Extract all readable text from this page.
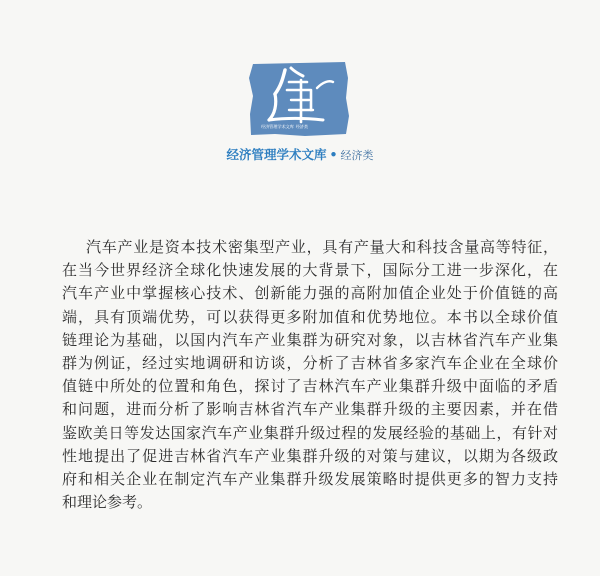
经济管理学术文库 经济类
经济管理学术文库 • 经济类
汽车产业是资本技术密集型产业，具有产量大和科技含量高等特征，
在当今世界经济全球化快速发展的大背景下，国际分工进一步深化，在
汽车产业中掌握核心技术、创新能力强的高附加值企业处于价值链的高
端，具有顶端优势，可以获得更多附加值和优势地位。本书以全球价值
链理论为基础，以国内汽车产业集群为研究对象，以吉林省汽车产业集
群为例证，经过实地调研和访谈，分析了吉林省多家汽车企业在全球价
值链中所处的位置和角色，探讨了吉林汽车产业集群升级中面临的矛盾
和问题，进而分析了影响吉林省汽车产业集群升级的主要因素，并在借
鉴欧美日等发达国家汽车产业集群升级过程的发展经验的基础上，有针对
性地提出了促进吉林省汽车产业集群升级的对策与建议，以期为各级政
府和相关企业在制定汽车产业集群升级发展策略时提供更多的智力支持
和理论参考。
